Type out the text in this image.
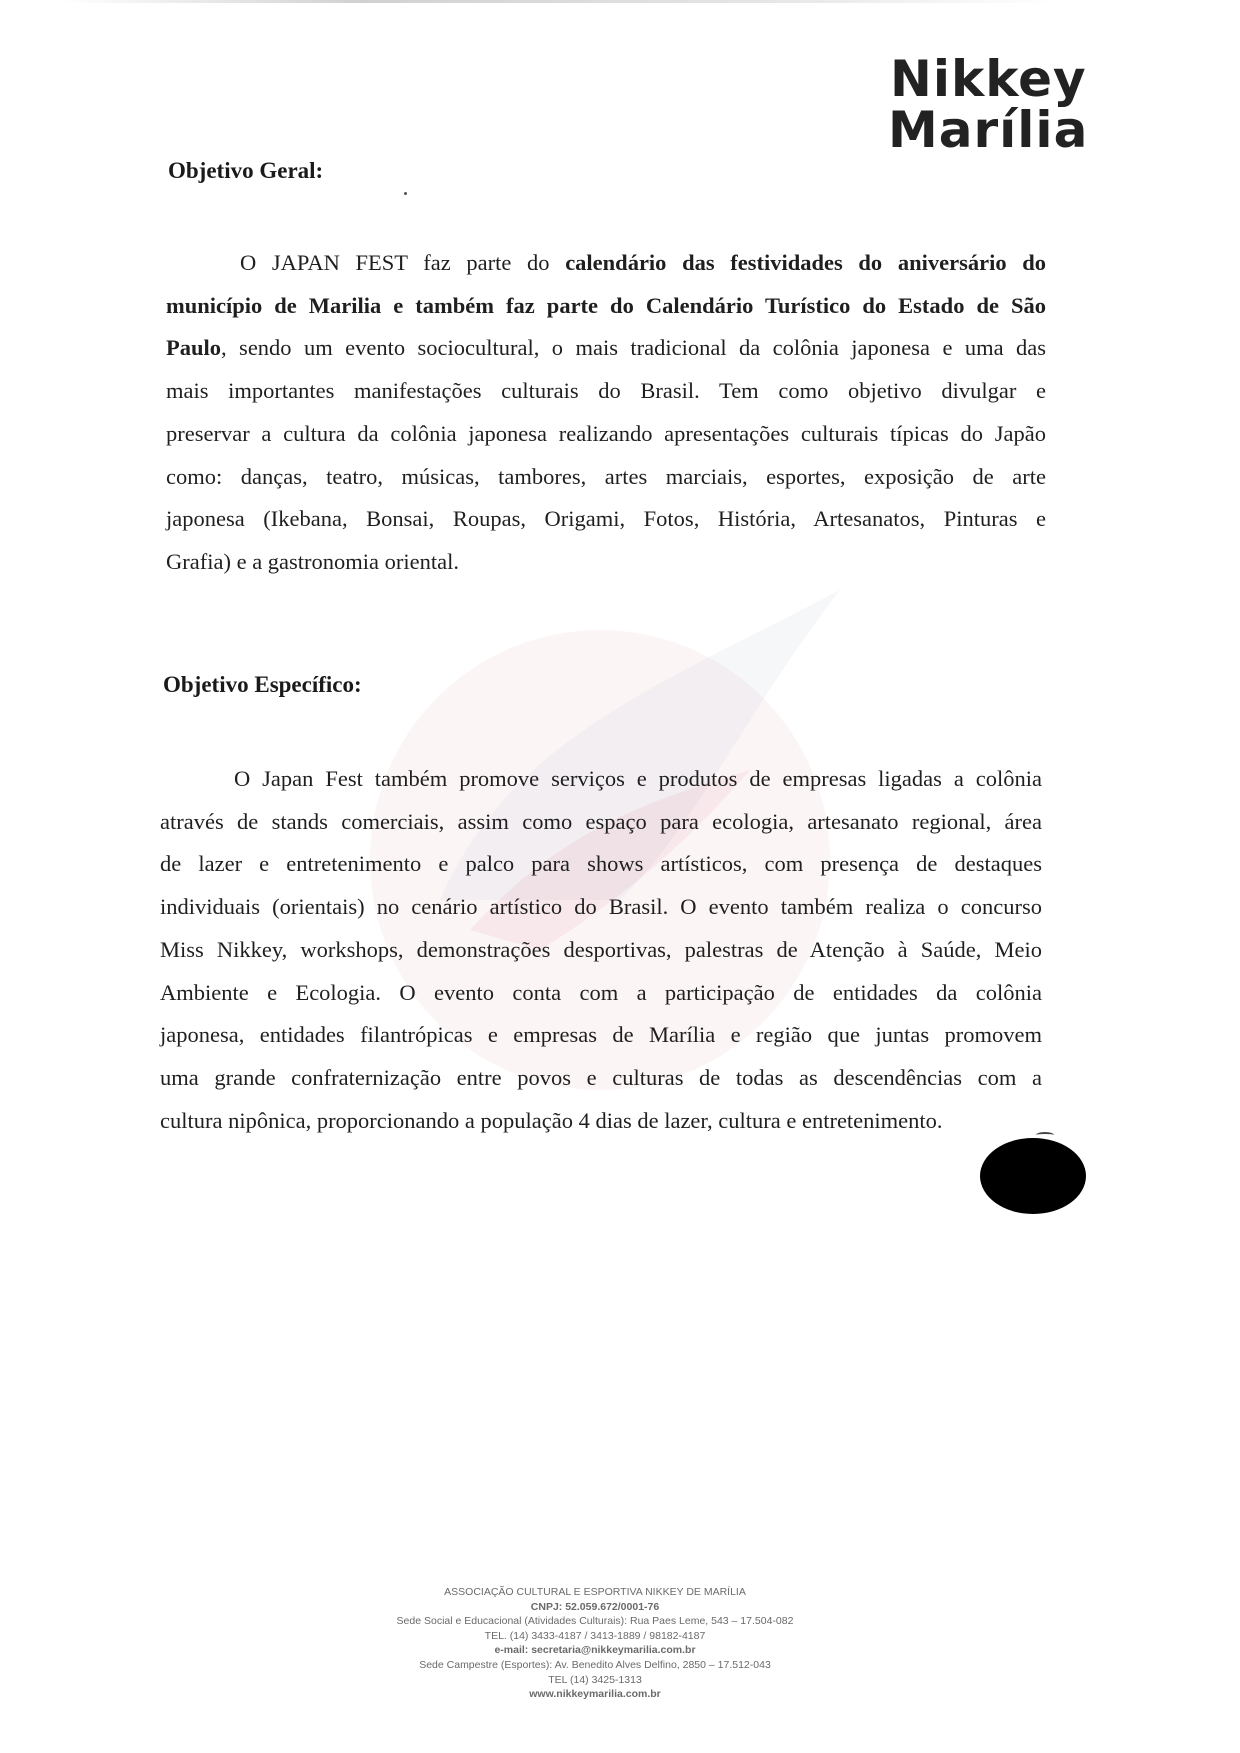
Nikkey
Marília
Objetivo Geral:
O JAPAN FEST faz parte do calendário das festividades do aniversário do
município de Marilia e também faz parte do Calendário Turístico do Estado de São
Paulo, sendo um evento sociocultural, o mais tradicional da colônia japonesa e uma das
mais importantes manifestações culturais do Brasil. Tem como objetivo divulgar e
preservar a cultura da colônia japonesa realizando apresentações culturais típicas do Japão
como: danças, teatro, músicas, tambores, artes marciais, esportes, exposição de arte
japonesa (Ikebana, Bonsai, Roupas, Origami, Fotos, História, Artesanatos, Pinturas e
Grafia) e a gastronomia oriental.
Objetivo Específico:
O Japan Fest também promove serviços e produtos de empresas ligadas a colônia
através de stands comerciais, assim como espaço para ecologia, artesanato regional, área
de lazer e entretenimento e palco para shows artísticos, com presença de destaques
individuais (orientais) no cenário artístico do Brasil. O evento também realiza o concurso
Miss Nikkey, workshops, demonstrações desportivas, palestras de Atenção à Saúde, Meio
Ambiente e Ecologia. O evento conta com a participação de entidades da colônia
japonesa, entidades filantrópicas e empresas de Marília e região que juntas promovem
uma grande confraternização entre povos e culturas de todas as descendências com a
cultura nipônica, proporcionando a população 4 dias de lazer, cultura e entretenimento.
ASSOCIAÇÃO CULTURAL E ESPORTIVA NIKKEY DE MARÍLIA
CNPJ: 52.059.672/0001-76
Sede Social e Educacional (Atividades Culturais): Rua Paes Leme, 543 – 17.504-082
TEL. (14) 3433-4187 / 3413-1889 / 98182-4187
e-mail: secretaria@nikkeymarilia.com.br
Sede Campestre (Esportes): Av. Benedito Alves Delfino, 2850 – 17.512-043
TEL (14) 3425-1313
www.nikkeymarilia.com.br
